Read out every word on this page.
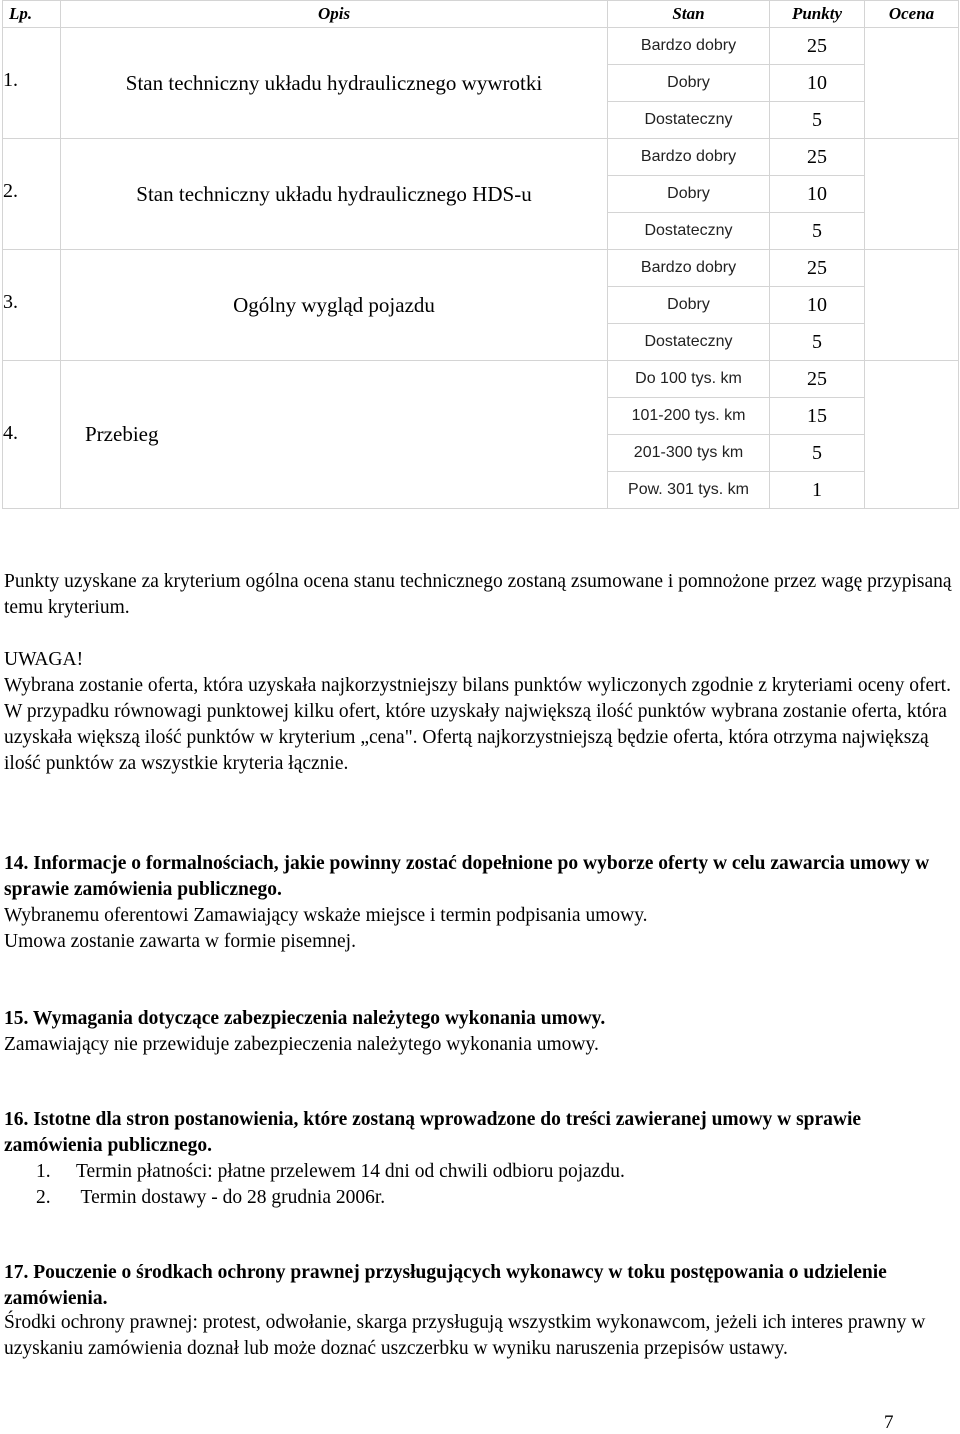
Lp.	Opis	Stan	Punkty	Ocena
1.	Stan techniczny układu hydraulicznego wywrotki	Bardzo dobry	25	
		Dobry	10	
		Dostateczny	5	
2.	Stan techniczny układu hydraulicznego HDS-u	Bardzo dobry	25	
		Dobry	10	
		Dostateczny	5	
3.	Ogólny wygląd pojazdu	Bardzo dobry	25	
		Dobry	10	
		Dostateczny	5	
4.	Przebieg	Do 100 tys. km	25	
		101-200 tys. km	15	
		201-300 tys km	5	
		Pow. 301 tys. km	1	

Punkty uzyskane za kryterium ogólna ocena stanu technicznego zostaną zsumowane i pomnożone przez wagę przypisaną temu kryterium.

UWAGA!

Wybrana zostanie oferta, która uzyskała najkorzystniejszy bilans punktów wyliczonych zgodnie z kryteriami oceny ofert. W przypadku równowagi punktowej kilku ofert, które uzyskały największą ilość punktów wybrana zostanie oferta, która uzyskała większą ilość punktów w kryterium „cena". Ofertą najkorzystniejszą będzie oferta, która otrzyma największą ilość punktów za wszystkie kryteria łącznie.

14. Informacje o formalnościach, jakie powinny zostać dopełnione po wyborze oferty w celu zawarcia umowy w sprawie zamówienia publicznego.

Wybranemu oferentowi Zamawiający wskaże miejsce i termin podpisania umowy.

Umowa zostanie zawarta w formie pisemnej.

15. Wymagania dotyczące zabezpieczenia należytego wykonania umowy.

Zamawiający nie przewiduje zabezpieczenia należytego wykonania umowy.

16. Istotne dla stron postanowienia, które zostaną wprowadzone do treści zawieranej umowy w sprawie zamówienia publicznego.

1. Termin płatności: płatne przelewem 14 dni od chwili odbioru pojazdu.
2. Termin dostawy - do 28 grudnia 2006r.

17. Pouczenie o środkach ochrony prawnej przysługujących wykonawcy w toku postępowania o udzielenie zamówienia.

Środki ochrony prawnej: protest, odwołanie, skarga przysługują wszystkim wykonawcom, jeżeli ich interes prawny w uzyskaniu zamówienia doznał lub może doznać uszczerbku w wyniku naruszenia przepisów ustawy.

7
